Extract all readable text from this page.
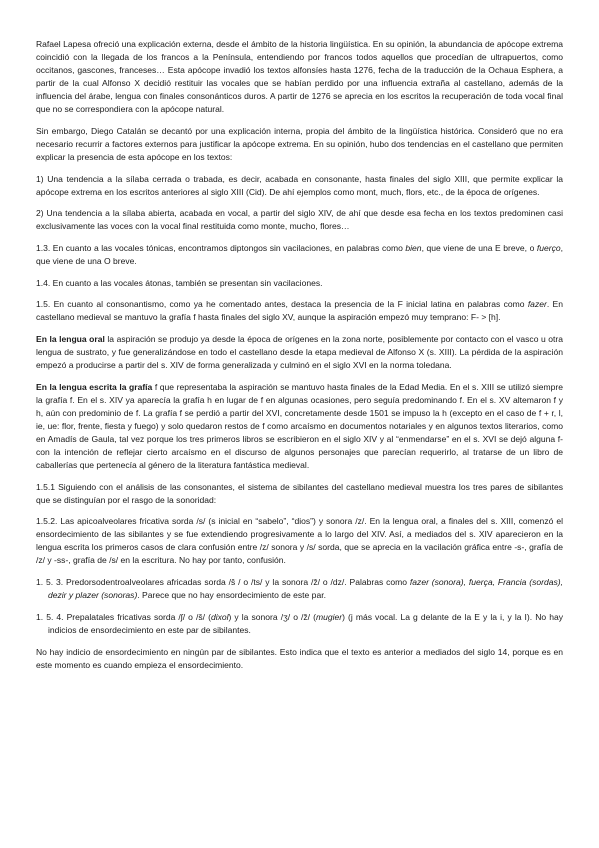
Rafael Lapesa ofreció una explicación externa, desde el ámbito de la historia lingüística. En su opinión, la abundancia de apócope extrema coincidió con la llegada de los francos a la Península, entendiendo por francos todos aquellos que procedían de ultrapuertos, como occitanos, gascones, franceses… Esta apócope invadió los textos alfonsíes hasta 1276, fecha de la traducción de la Ochaua Esphera, a partir de la cual Alfonso X decidió restituir las vocales que se habían perdido por una influencia extraña al castellano, además de la influencia del árabe, lengua con finales consonánticos duros. A partir de 1276 se aprecia en los escritos la recuperación de toda vocal final que no se correspondiera con la apócope natural.

Sin embargo, Diego Catalán se decantó por una explicación interna, propia del ámbito de la lingüística histórica. Consideró que no era necesario recurrir a factores externos para justificar la apócope extrema. En su opinión, hubo dos tendencias en el castellano que permiten explicar la presencia de esta apócope en los textos:

1) Una tendencia a la sílaba cerrada o trabada, es decir, acabada en consonante, hasta finales del siglo XIII, que permite explicar la apócope extrema en los escritos anteriores al siglo XIII (Cid). De ahí ejemplos como mont, much, flors, etc., de la época de orígenes.

2) Una tendencia a la sílaba abierta, acabada en vocal, a partir del siglo XIV, de ahí que desde esa fecha en los textos predominen casi exclusivamente las voces con la vocal final restituida como monte, mucho, flores…

1.3. En cuanto a las vocales tónicas, encontramos diptongos sin vacilaciones, en palabras como bien, que viene de una E breve, o fuerço, que viene de una O breve.

1.4. En cuanto a las vocales átonas, también se presentan sin vacilaciones.

1.5. En cuanto al consonantismo, como ya he comentado antes, destaca la presencia de la F inicial latina en palabras como fazer. En castellano medieval se mantuvo la grafía f hasta finales del siglo XV, aunque la aspiración empezó muy temprano: F- > [h].

En la lengua oral la aspiración se produjo ya desde la época de orígenes en la zona norte, posiblemente por contacto con el vasco u otra lengua de sustrato, y fue generalizándose en todo el castellano desde la etapa medieval de Alfonso X (s. XIII). La pérdida de la aspiración empezó a producirse a partir del s. XIV de forma generalizada y culminó en el siglo XVI en la norma toledana.

En la lengua escrita la grafía f que representaba la aspiración se mantuvo hasta finales de la Edad Media. En el s. XIII se utilizó siempre la grafía f. En el s. XIV ya aparecía la grafía h en lugar de f en algunas ocasiones, pero seguía predominando f. En el s. XV altemaron f y h, aún con predominio de f. La grafía f se perdió a partir del XVI, concretamente desde 1501 se impuso la h (excepto en el caso de f + r, l, ie, ue: flor, frente, fiesta y fuego) y solo quedaron restos de f como arcaísmo en documentos notariales y en algunos textos literarios, como en Amadís de Gaula, tal vez porque los tres primeros libros se escribieron en el siglo XIV y al “enmendarse” en el s. XVI se dejó alguna f- con la intención de reflejar cierto arcaísmo en el discurso de algunos personajes que parecían requerirlo, al tratarse de un libro de caballerías que pertenecía al género de la literatura fantástica medieval.

1.5.1 Siguiendo con el análisis de las consonantes, el sistema de sibilantes del castellano medieval muestra los tres pares de sibilantes que se distinguían por el rasgo de la sonoridad:

1.5.2. Las apicoalveolares fricativa sorda /s/ (s inicial en “sabelo”, “dios”) y sonora /z/. En la lengua oral, a finales del s. XIII, comenzó el ensordecimiento de las sibilantes y se fue extendiendo progresivamente a lo largo del XIV. Así, a mediados del s. XIV aparecieron en la lengua escrita los primeros casos de clara confusión entre /z/ sonora y /s/ sorda, que se aprecia en la vacilación gráfica entre -s-, grafía de /z/ y -ss-, grafía de /s/ en la escritura. No hay por tanto, confusión.

1. 5. 3. Predorsodentroalveolares africadas sorda /ŝ / o /ts/ y la sonora /ẑ/ o /dz/. Palabras como fazer (sonora), fuerça, Francia (sordas), dezir y plazer (sonoras). Parece que no hay ensordecimiento de este par.

1. 5. 4. Prepalatales fricativas sorda /ʃ/ o /š/ (dixol) y la sonora /ʒ/ o /ž/ (mugier) (j más vocal. La g delante de la E y la i, y la I). No hay indicios de ensordecimiento en este par de sibilantes.

No hay indicio de ensordecimiento en ningún par de sibilantes. Esto indica que el texto es anterior a mediados del siglo 14, porque es en este momento es cuando empieza el ensordecimiento.
